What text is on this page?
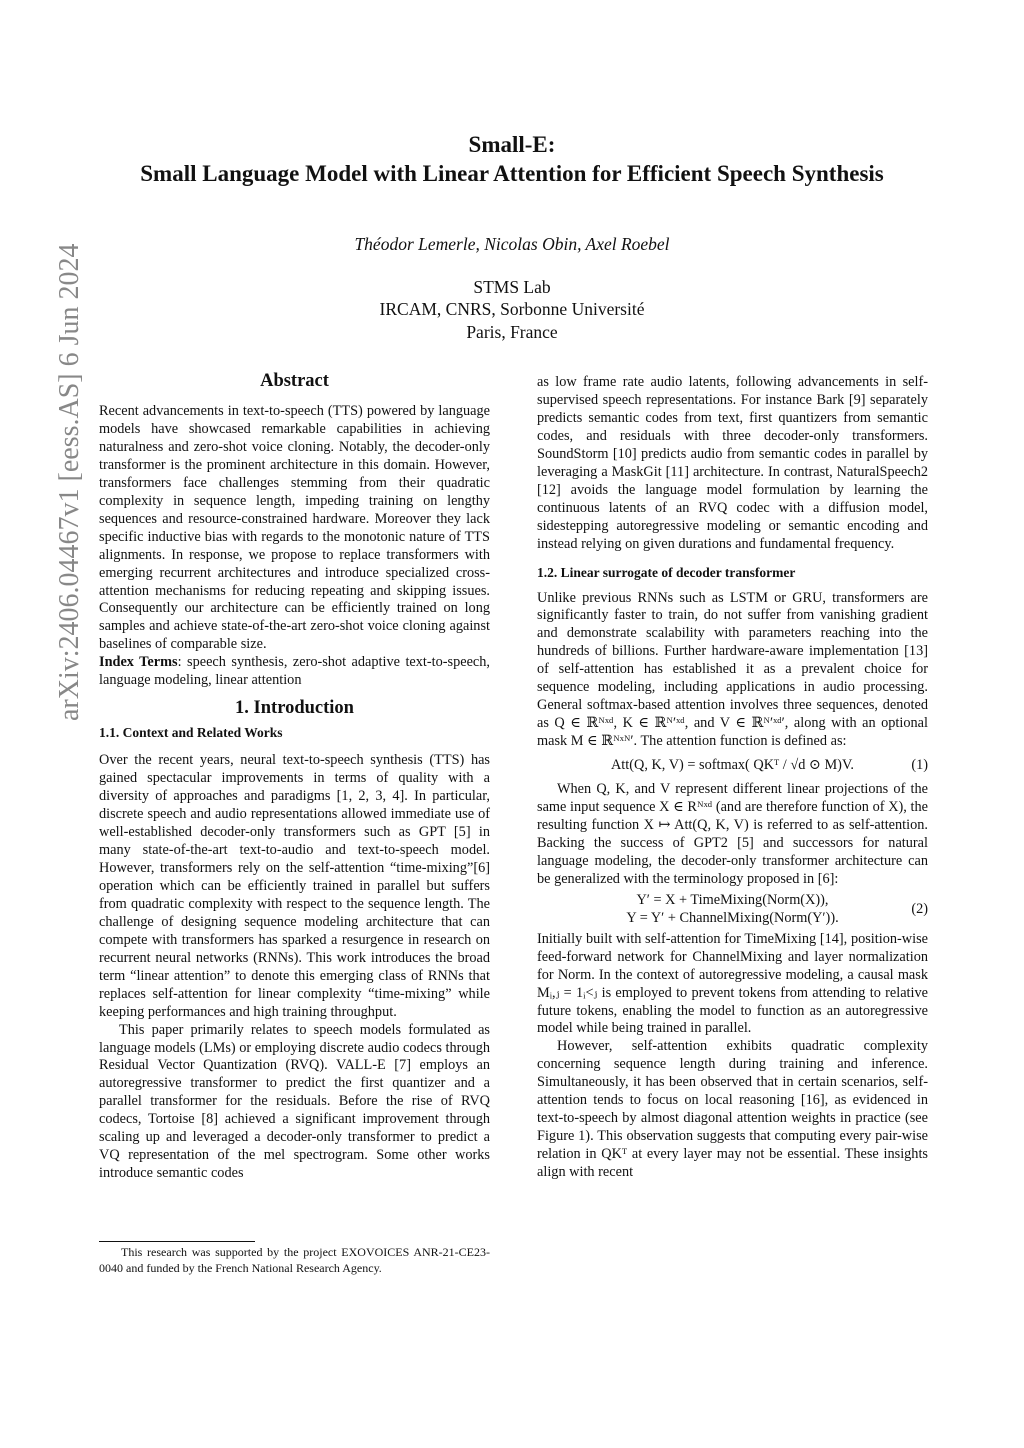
arXiv:2406.04467v1 [eess.AS] 6 Jun 2024
Small-E:
Small Language Model with Linear Attention for Efficient Speech Synthesis
Théodor Lemerle, Nicolas Obin, Axel Roebel
STMS Lab
IRCAM, CNRS, Sorbonne Université
Paris, France
Abstract

Recent advancements in text-to-speech (TTS) powered by language models have showcased remarkable capabilities in achieving naturalness and zero-shot voice cloning. Notably, the decoder-only transformer is the prominent architecture in this domain. However, transformers face challenges stemming from their quadratic complexity in sequence length, impeding training on lengthy sequences and resource-constrained hardware. Moreover they lack specific inductive bias with regards to the monotonic nature of TTS alignments. In response, we propose to replace transformers with emerging recurrent architectures and introduce specialized cross-attention mechanisms for reducing repeating and skipping issues. Consequently our architecture can be efficiently trained on long samples and achieve state-of-the-art zero-shot voice cloning against baselines of comparable size.

Index Terms: speech synthesis, zero-shot adaptive text-to-speech, language modeling, linear attention

1. Introduction
1.1. Context and Related Works

Over the recent years, neural text-to-speech synthesis (TTS) has gained spectacular improvements in terms of quality with a diversity of approaches and paradigms [1, 2, 3, 4]. In particular, discrete speech and audio representations allowed immediate use of well-established decoder-only transformers such as GPT [5] in many state-of-the-art text-to-audio and text-to-speech model. However, transformers rely on the self-attention “time-mixing”[6] operation which can be efficiently trained in parallel but suffers from quadratic complexity with respect to the sequence length. The challenge of designing sequence modeling architecture that can compete with transformers has sparked a resurgence in research on recurrent neural networks (RNNs). This work introduces the broad term “linear attention” to denote this emerging class of RNNs that replaces self-attention for linear complexity “time-mixing” while keeping performances and high training throughput.

This paper primarily relates to speech models formulated as language models (LMs) or employing discrete audio codecs through Residual Vector Quantization (RVQ). VALL-E [7] employs an autoregressive transformer to predict the first quantizer and a parallel transformer for the residuals. Before the rise of RVQ codecs, Tortoise [8] achieved a significant improvement through scaling up and leveraged a decoder-only transformer to predict a VQ representation of the mel spectrogram. Some other works introduce semantic codes

This research was supported by the project EXOVOICES ANR-21-CE23-0040 and funded by the French National Research Agency.

as low frame rate audio latents, following advancements in self-supervised speech representations. For instance Bark [9] separately predicts semantic codes from text, first quantizers from semantic codes, and residuals with three decoder-only transformers. SoundStorm [10] predicts audio from semantic codes in parallel by leveraging a MaskGit [11] architecture. In contrast, NaturalSpeech2 [12] avoids the language model formulation by learning the continuous latents of an RVQ codec with a diffusion model, sidestepping autoregressive modeling or semantic encoding and instead relying on given durations and fundamental frequency.

1.2. Linear surrogate of decoder transformer

Unlike previous RNNs such as LSTM or GRU, transformers are significantly faster to train, do not suffer from vanishing gradient and demonstrate scalability with parameters reaching into the hundreds of billions. Further hardware-aware implementation [13] of self-attention has established it as a prevalent choice for sequence modeling, including applications in audio processing. General softmax-based attention involves three sequences, denoted as Q ∈ ℝᴺˣᵈ, K ∈ ℝᴺ′ˣᵈ, and V ∈ ℝᴺ′ˣᵈ′, along with an optional mask M ∈ ℝᴺˣᴺ′. The attention function is defined as:

Att(Q, K, V) = softmax( QKᵀ / √d ⊙ M)V.	(1)

When Q, K, and V represent different linear projections of the same input sequence X ∈ Rᴺˣᵈ (and are therefore function of X), the resulting function X ↦ Att(Q, K, V) is referred to as self-attention. Backing the success of GPT2 [5] and successors for natural language modeling, the decoder-only transformer architecture can be generalized with the terminology proposed in [6]:

Y′ = X + TimeMixing(Norm(X)),
Y = Y′ + ChannelMixing(Norm(Y′)).
(2)

Initially built with self-attention for TimeMixing [14], position-wise feed-forward network for ChannelMixing and layer normalization for Norm. In the context of autoregressive modeling, a causal mask Mᵢ,ⱼ = 1ᵢ<ⱼ is employed to prevent tokens from attending to relative future tokens, enabling the model to function as an autoregressive model while being trained in parallel.

However, self-attention exhibits quadratic complexity concerning sequence length during training and inference. Simultaneously, it has been observed that in certain scenarios, self-attention tends to focus on local reasoning [16], as evidenced in text-to-speech by almost diagonal attention weights in practice (see Figure 1). This observation suggests that computing every pair-wise relation in QKᵀ at every layer may not be essential. These insights align with recent
